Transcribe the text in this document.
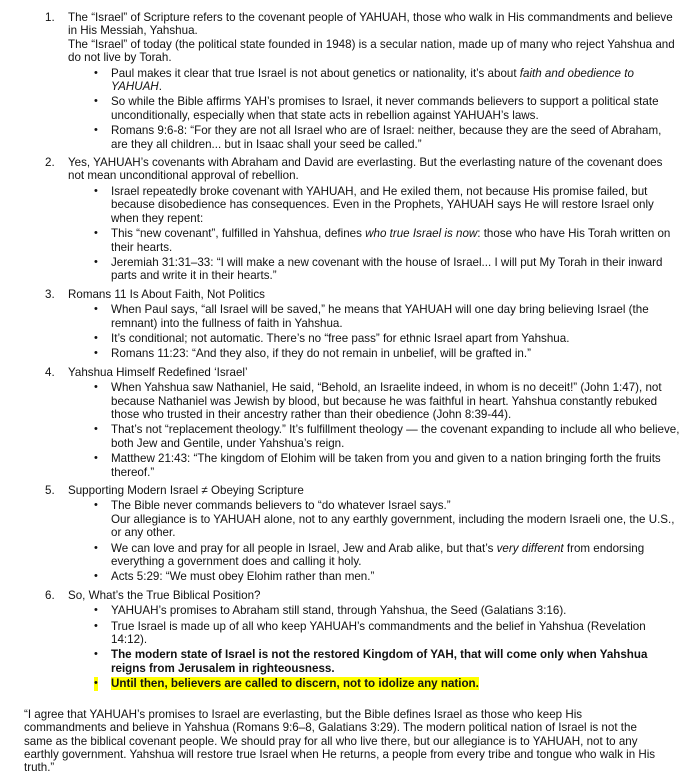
1. The “Israel” of Scripture refers to the covenant people of YAHUAH, those who walk in His commandments and believe in His Messiah, Yahshua.
The “Israel” of today (the political state founded in 1948) is a secular nation, made up of many who reject Yahshua and do not live by Torah.
• Paul makes it clear that true Israel is not about genetics or nationality, it’s about faith and obedience to YAHUAH.
• So while the Bible affirms YAH’s promises to Israel, it never commands believers to support a political state unconditionally, especially when that state acts in rebellion against YAHUAH’s laws.
• Romans 9:6-8: “For they are not all Israel who are of Israel: neither, because they are the seed of Abraham, are they all children... but in Isaac shall your seed be called.”
2. Yes, YAHUAH’s covenants with Abraham and David are everlasting. But the everlasting nature of the covenant does not mean unconditional approval of rebellion.
• Israel repeatedly broke covenant with YAHUAH, and He exiled them, not because His promise failed, but because disobedience has consequences. Even in the Prophets, YAHUAH says He will restore Israel only when they repent:
• This “new covenant”, fulfilled in Yahshua, defines who true Israel is now: those who have His Torah written on their hearts.
• Jeremiah 31:31–33: “I will make a new covenant with the house of Israel... I will put My Torah in their inward parts and write it in their hearts.”
3. Romans 11 Is About Faith, Not Politics
• When Paul says, “all Israel will be saved,” he means that YAHUAH will one day bring believing Israel (the remnant) into the fullness of faith in Yahshua.
• It’s conditional; not automatic. There’s no “free pass” for ethnic Israel apart from Yahshua.
• Romans 11:23: “And they also, if they do not remain in unbelief, will be grafted in.”
4. Yahshua Himself Redefined ‘Israel’
• When Yahshua saw Nathaniel, He said, “Behold, an Israelite indeed, in whom is no deceit!” (John 1:47), not because Nathaniel was Jewish by blood, but because he was faithful in heart. Yahshua constantly rebuked those who trusted in their ancestry rather than their obedience (John 8:39-44).
• That’s not “replacement theology.” It’s fulfillment theology — the covenant expanding to include all who believe, both Jew and Gentile, under Yahshua’s reign.
• Matthew 21:43: “The kingdom of Elohim will be taken from you and given to a nation bringing forth the fruits thereof.”
5. Supporting Modern Israel ≠ Obeying Scripture
• The Bible never commands believers to “do whatever Israel says.”
Our allegiance is to YAHUAH alone, not to any earthly government, including the modern Israeli one, the U.S., or any other.
• We can love and pray for all people in Israel, Jew and Arab alike, but that’s very different from endorsing everything a government does and calling it holy.
• Acts 5:29: “We must obey Elohim rather than men.”
6. So, What’s the True Biblical Position?
• YAHUAH’s promises to Abraham still stand, through Yahshua, the Seed (Galatians 3:16).
• True Israel is made up of all who keep YAHUAH’s commandments and the belief in Yahshua (Revelation 14:12).
• The modern state of Israel is not the restored Kingdom of YAH, that will come only when Yahshua reigns from Jerusalem in righteousness.
• Until then, believers are called to discern, not to idolize any nation.

“I agree that YAHUAH’s promises to Israel are everlasting, but the Bible defines Israel as those who keep His commandments and believe in Yahshua (Romans 9:6–8, Galatians 3:29). The modern political nation of Israel is not the same as the biblical covenant people. We should pray for all who live there, but our allegiance is to YAHUAH, not to any earthly government. Yahshua will restore true Israel when He returns, a people from every tribe and tongue who walk in His truth.”
